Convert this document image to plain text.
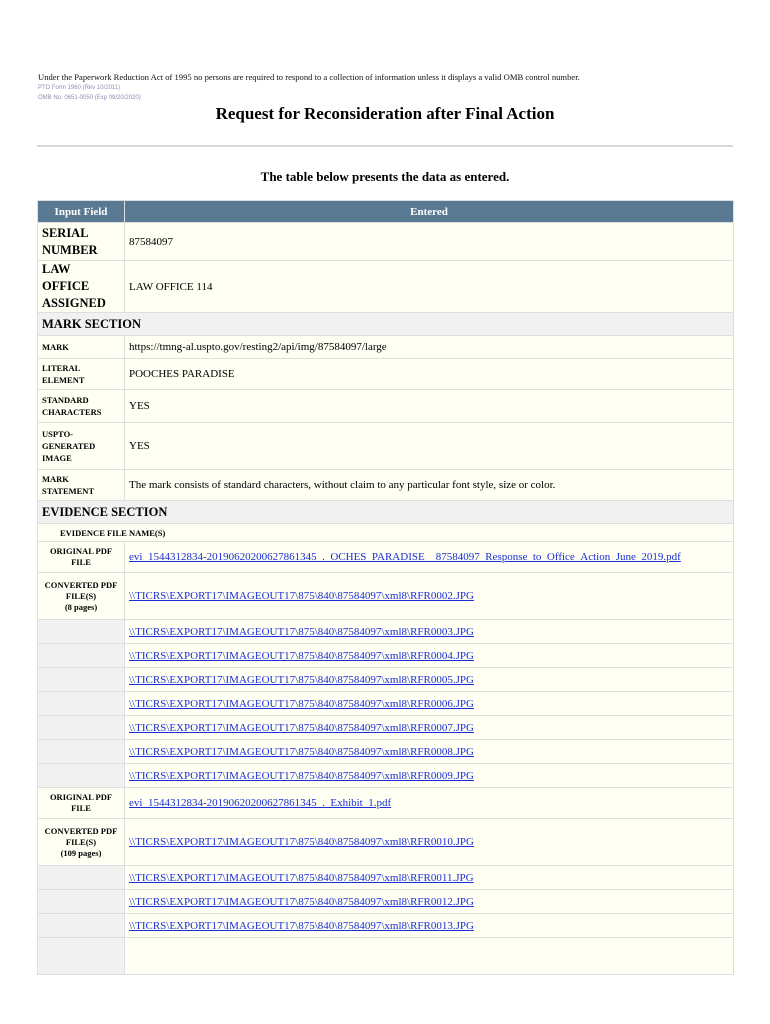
Under the Paperwork Reduction Act of 1995 no persons are required to respond to a collection of information unless it displays a valid OMB control number.
PTO Form 1960 (Rev 10/2011)
OMB No. 0651-0050 (Exp 09/20/2020)
Request for Reconsideration after Final Action
The table below presents the data as entered.
Input Field	Entered
SERIAL NUMBER	87584097
LAW OFFICE ASSIGNED	LAW OFFICE 114
MARK SECTION	
MARK	https://tmng-al.uspto.gov/resting2/api/img/87584097/large
LITERAL ELEMENT	POOCHES PARADISE
STANDARD CHARACTERS	YES
USPTO-GENERATED IMAGE	YES
MARK STATEMENT	The mark consists of standard characters, without claim to any particular font style, size or color.
EVIDENCE SECTION	
EVIDENCE FILE NAME(S)	
ORIGINAL PDF FILE	evi_1544312834-20190620200627861345_._OCHES_PARADISE__87584097_Response_to_Office_Action_June_2019.pdf

CONVERTED PDF FILE(S)
(8 pages)	\\TICRS\EXPORT17\IMAGEOUT17\875\840\87584097\xml8\RFR0002.JPG
	\\TICRS\EXPORT17\IMAGEOUT17\875\840\87584097\xml8\RFR0003.JPG
	\\TICRS\EXPORT17\IMAGEOUT17\875\840\87584097\xml8\RFR0004.JPG
	\\TICRS\EXPORT17\IMAGEOUT17\875\840\87584097\xml8\RFR0005.JPG
	\\TICRS\EXPORT17\IMAGEOUT17\875\840\87584097\xml8\RFR0006.JPG
	\\TICRS\EXPORT17\IMAGEOUT17\875\840\87584097\xml8\RFR0007.JPG
	\\TICRS\EXPORT17\IMAGEOUT17\875\840\87584097\xml8\RFR0008.JPG
	\\TICRS\EXPORT17\IMAGEOUT17\875\840\87584097\xml8\RFR0009.JPG
ORIGINAL PDF FILE	evi_1544312834-20190620200627861345_._Exhibit_1.pdf

CONVERTED PDF FILE(S)
(109 pages)	\\TICRS\EXPORT17\IMAGEOUT17\875\840\87584097\xml8\RFR0010.JPG
	\\TICRS\EXPORT17\IMAGEOUT17\875\840\87584097\xml8\RFR0011.JPG
	\\TICRS\EXPORT17\IMAGEOUT17\875\840\87584097\xml8\RFR0012.JPG
	\\TICRS\EXPORT17\IMAGEOUT17\875\840\87584097\xml8\RFR0013.JPG
